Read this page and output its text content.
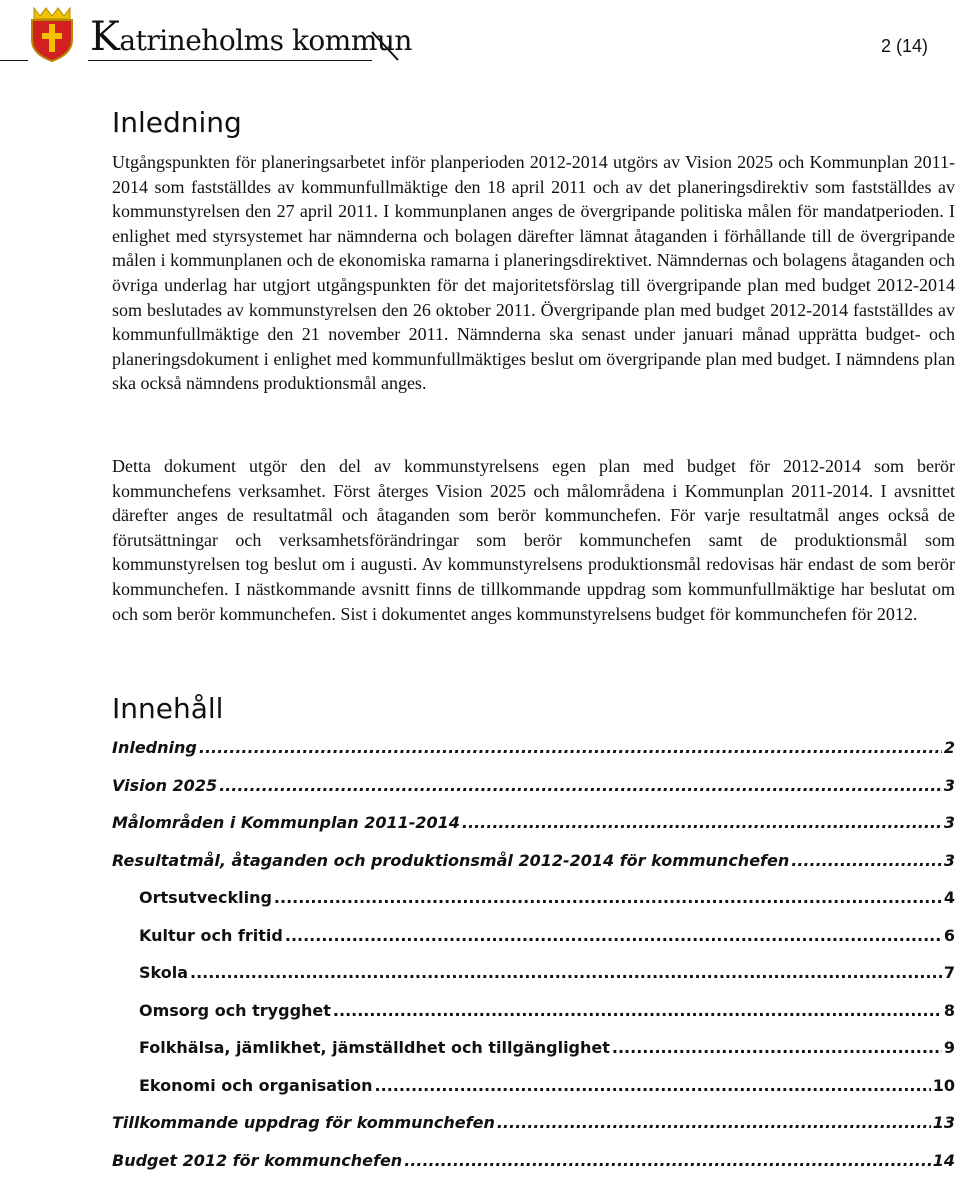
Katrineholms kommun	2 (14)
Inledning

Utgångspunkten för planeringsarbetet inför planperioden 2012-2014 utgörs av Vision 2025 och Kommunplan 2011-2014 som fastställdes av kommunfullmäktige den 18 april 2011 och av det planeringsdirektiv som fastställdes av kommunstyrelsen den 27 april 2011. I kommunplanen anges de övergripande politiska målen för mandatperioden. I enlighet med styrsystemet har nämnderna och bolagen därefter lämnat åtaganden i förhållande till de övergripande målen i kommunplanen och de ekonomiska ramarna i planeringsdirektivet. Nämndernas och bolagens åtaganden och övriga underlag har utgjort utgångspunkten för det majoritetsförslag till övergripande plan med budget 2012-2014 som beslutades av kommunstyrelsen den 26 oktober 2011. Övergripande plan med budget 2012-2014 fastställdes av kommunfullmäktige den 21 november 2011. Nämnderna ska senast under januari månad upprätta budget- och planeringsdokument i enlighet med kommunfullmäktiges beslut om övergripande plan med budget. I nämndens plan ska också nämndens produktionsmål anges.

Detta dokument utgör den del av kommunstyrelsens egen plan med budget för 2012-2014 som berör kommunchefens verksamhet. Först återges Vision 2025 och målområdena i Kommunplan 2011-2014. I avsnittet därefter anges de resultatmål och åtaganden som berör kommunchefen. För varje resultatmål anges också de förutsättningar och verksamhetsförändringar som berör kommunchefen samt de produktionsmål som kommunstyrelsen tog beslut om i augusti. Av kommunstyrelsens produktionsmål redovisas här endast de som berör kommunchefen. I nästkommande avsnitt finns de tillkommande uppdrag som kommunfullmäktige har beslutat om och som berör kommunchefen. Sist i dokumentet anges kommunstyrelsens budget för kommunchefen för 2012.

Innehåll
Inledning .....	2
Vision 2025 .....	3
Målområden i Kommunplan 2011-2014 .....	3
Resultatmål, åtaganden och produktionsmål 2012-2014 för kommunchefen .....	3
Ortsutveckling .....	4
Kultur och fritid .....	6
Skola .....	7
Omsorg och trygghet .....	8
Folkhälsa, jämlikhet, jämställdhet och tillgänglighet .....	9
Ekonomi och organisation .....	10
Tillkommande uppdrag för kommunchefen .....	13
Budget 2012 för kommunchefen .....	14
